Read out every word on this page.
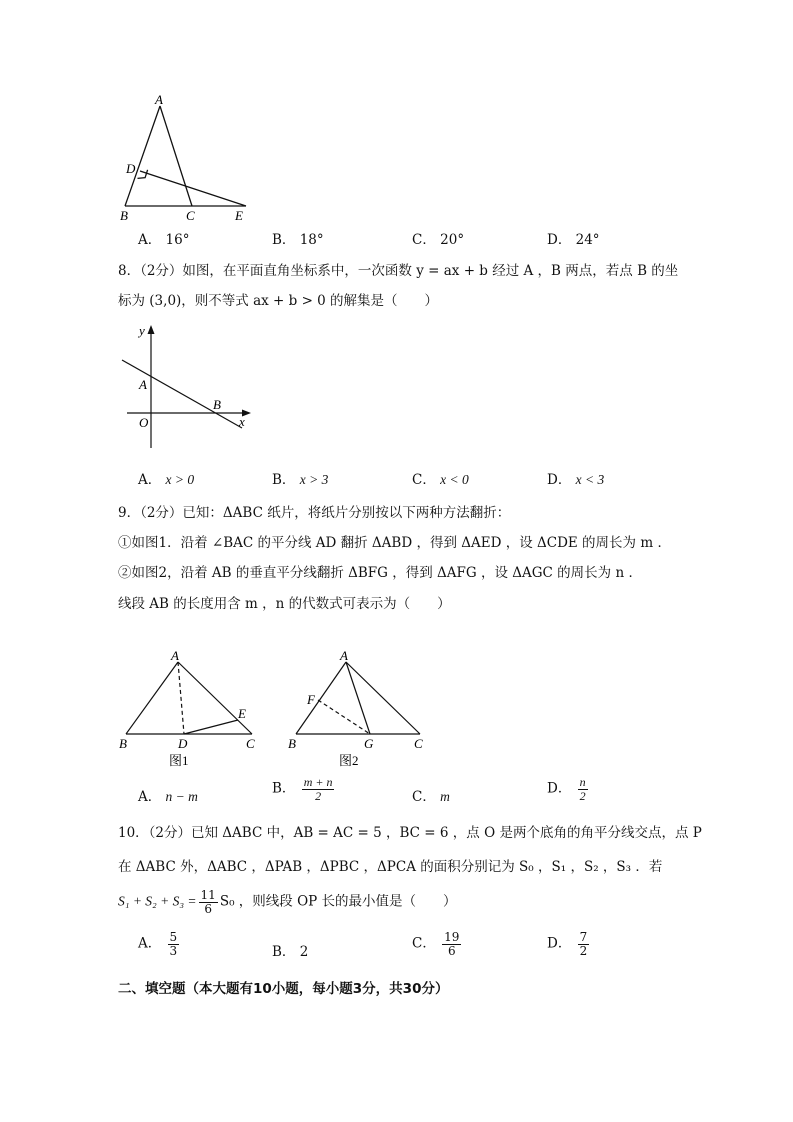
A
D
B	C	E
A． 16°	B． 18°	C． 20°	D． 24°
8．（2分）如图，在平面直角坐标系中，一次函数 y = ax + b 经过 A ，B 两点，若点 B 的坐
标为 (3,0)，则不等式 ax + b > 0 的解集是（　　）
y
x
O
A
B
A． x > 0	B． x > 3	C． x < 0	D． x < 3
9．（2分）已知：ΔABC 纸片，将纸片分别按以下两种方法翻折：
①如图1．沿着 ∠BAC 的平分线 AD 翻折 ΔABD ，得到 ΔAED ，设 ΔCDE 的周长为 m ．
②如图2，沿着 AB 的垂直平分线翻折 ΔBFG ，得到 ΔAFG ，设 ΔAGC 的周长为 n ．
线段 AB 的长度用含 m ，n 的代数式可表示为（　　）
A
B	D	C
E
图1
A
F
B	G	C
图2
A． n − m	B． $\frac{m + n}{2}$	C． m	D． $\frac{n}{2}$
10．（2分）已知 ΔABC 中，AB = AC = 5 ，BC = 6 ，点 O 是两个底角的角平分线交点，点 P
在 ΔABC 外，ΔABC ，ΔPAB ，ΔPBC ，ΔPCA 的面积分别记为 S₀ ，S₁ ，S₂ ，S₃ ．若
$S_1 + S_2 + S_3 = \frac{11}{6} S_0$ ，则线段 OP 长的最小值是（　　）
A． $\frac{5}{3}$	B． 2
C． $\frac{19}{6}$	D． $\frac{7}{2}$
二、填空题（本大题有10小题，每小题3分，共30分）
